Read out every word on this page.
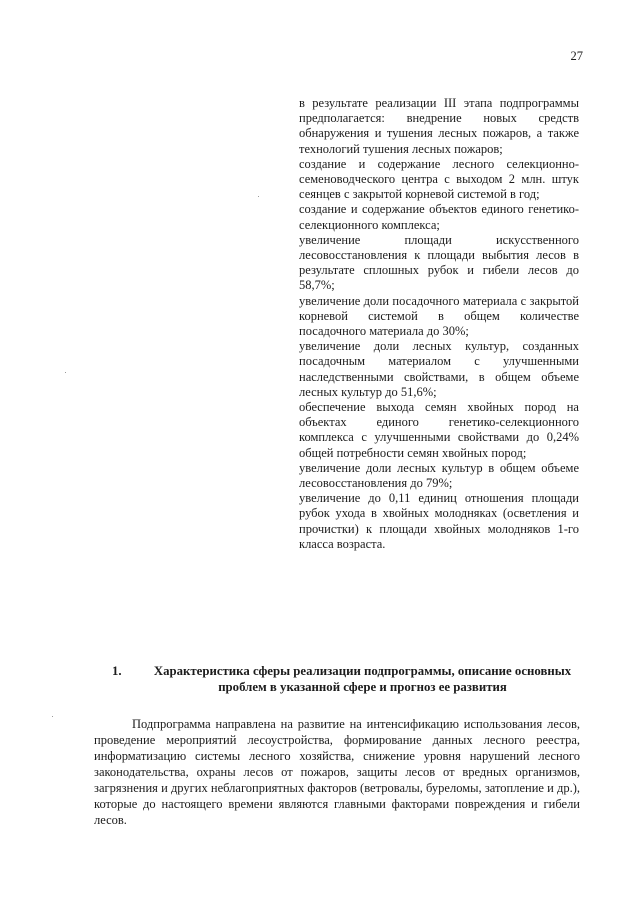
27

в результате реализации III этапа подпрограммы предполагается: внедрение новых средств обнаружения и тушения лесных пожаров, а также технологий тушения лесных пожаров;

создание и содержание лесного селекционно-семеноводческого центра с выходом 2 млн. штук сеянцев с закрытой корневой системой в год;

создание и содержание объектов единого генетико-селекционного комплекса;

увеличение площади искусственного лесовосстановления к площади выбытия лесов в результате сплошных рубок и гибели лесов до 58,7%;

увеличение доли посадочного материала с закрытой корневой системой в общем количестве посадочного материала до 30%;

увеличение доли лесных культур, созданных посадочным материалом с улучшенными наследственными свойствами, в общем объеме лесных культур до 51,6%;

обеспечение выхода семян хвойных пород на объектах единого генетико-селекционного комплекса с улучшенными свойствами до 0,24% общей потребности семян хвойных пород;

увеличение доли лесных культур в общем объеме лесовосстановления до 79%;

увеличение до 0,11 единиц отношения площади рубок ухода в хвойных молодняках (осветления и прочистки) к площади хвойных молодняков 1-го класса возраста.

1.	Характеристика сферы реализации подпрограммы, описание основных проблем в указанной сфере и прогноз ее развития

Подпрограмма направлена на развитие на интенсификацию использования лесов, проведение мероприятий лесоустройства, формирование данных лесного реестра, информатизацию системы лесного хозяйства, снижение уровня нарушений лесного законодательства, охраны лесов от пожаров, защиты лесов от вредных организмов, загрязнения и других неблагоприятных факторов (ветровалы, буреломы, затопление и др.), которые до настоящего времени являются главными факторами повреждения и гибели лесов.
